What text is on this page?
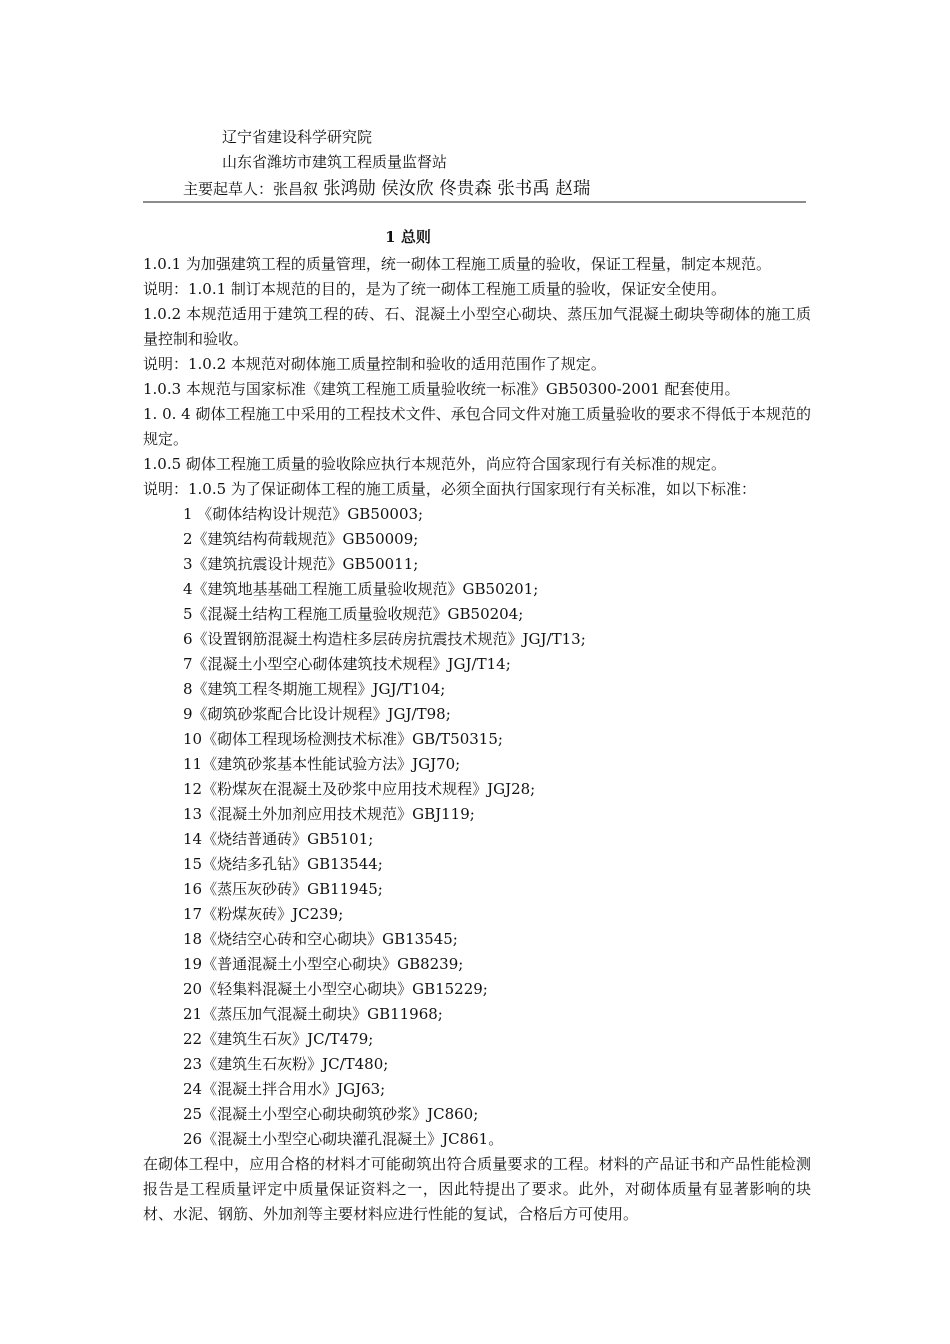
辽宁省建设科学研究院
山东省潍坊市建筑工程质量监督站
主要起草人：张昌叙 张鸿勋 侯汝欣 佟贵森 张书禹 赵瑞
1 总则

1.0.1 为加强建筑工程的质量管理，统一砌体工程施工质量的验收，保证工程量，制定本规范。

说明：1.0.1 制订本规范的目的，是为了统一砌体工程施工质量的验收，保证安全使用。

1.0.2 本规范适用于建筑工程的砖、石、混凝土小型空心砌块、蒸压加气混凝土砌块等砌体的施工质量控制和验收。

说明：1.0.2 本规范对砌体施工质量控制和验收的适用范围作了规定。

1.0.3 本规范与国家标准《建筑工程施工质量验收统一标准》GB50300-2001 配套使用。

1. 0. 4 砌体工程施工中采用的工程技术文件、承包合同文件对施工质量验收的要求不得低于本规范的规定。

1.0.5 砌体工程施工质量的验收除应执行本规范外，尚应符合国家现行有关标准的规定。

说明：1.0.5 为了保证砌体工程的施工质量，必须全面执行国家现行有关标准，如以下标准：

1 《砌体结构设计规范》GB50003;
2《建筑结构荷载规范》GB50009;
3《建筑抗震设计规范》GB50011;
4《建筑地基基础工程施工质量验收规范》GB50201;
5《混凝土结构工程施工质量验收规范》GB50204;
6《设置钢筋混凝土构造柱多层砖房抗震技术规范》JGJ/T13;
7《混凝土小型空心砌体建筑技术规程》JGJ/T14;
8《建筑工程冬期施工规程》JGJ/T104;
9《砌筑砂浆配合比设计规程》JGJ/T98;
10《砌体工程现场检测技术标准》GB/T50315;
11《建筑砂浆基本性能试验方法》JGJ70;
12《粉煤灰在混凝土及砂浆中应用技术规程》JGJ28;
13《混凝土外加剂应用技术规范》GBJ119;
14《烧结普通砖》GB5101;
15《烧结多孔钻》GB13544;
16《蒸压灰砂砖》GB11945;
17《粉煤灰砖》JC239;
18《烧结空心砖和空心砌块》GB13545;
19《普通混凝土小型空心砌块》GB8239;
20《轻集料混凝土小型空心砌块》GB15229;
21《蒸压加气混凝土砌块》GB11968;
22《建筑生石灰》JC/T479;
23《建筑生石灰粉》JC/T480;
24《混凝土拌合用水》JGJ63;
25《混凝土小型空心砌块砌筑砂浆》JC860;
26《混凝土小型空心砌块灌孔混凝土》JC861。

在砌体工程中，应用合格的材料才可能砌筑出符合质量要求的工程。材料的产品证书和产品性能检测报告是工程质量评定中质量保证资料之一，因此特提出了要求。此外，对砌体质量有显著影响的块材、水泥、钢筋、外加剂等主要材料应进行性能的复试，合格后方可使用。
